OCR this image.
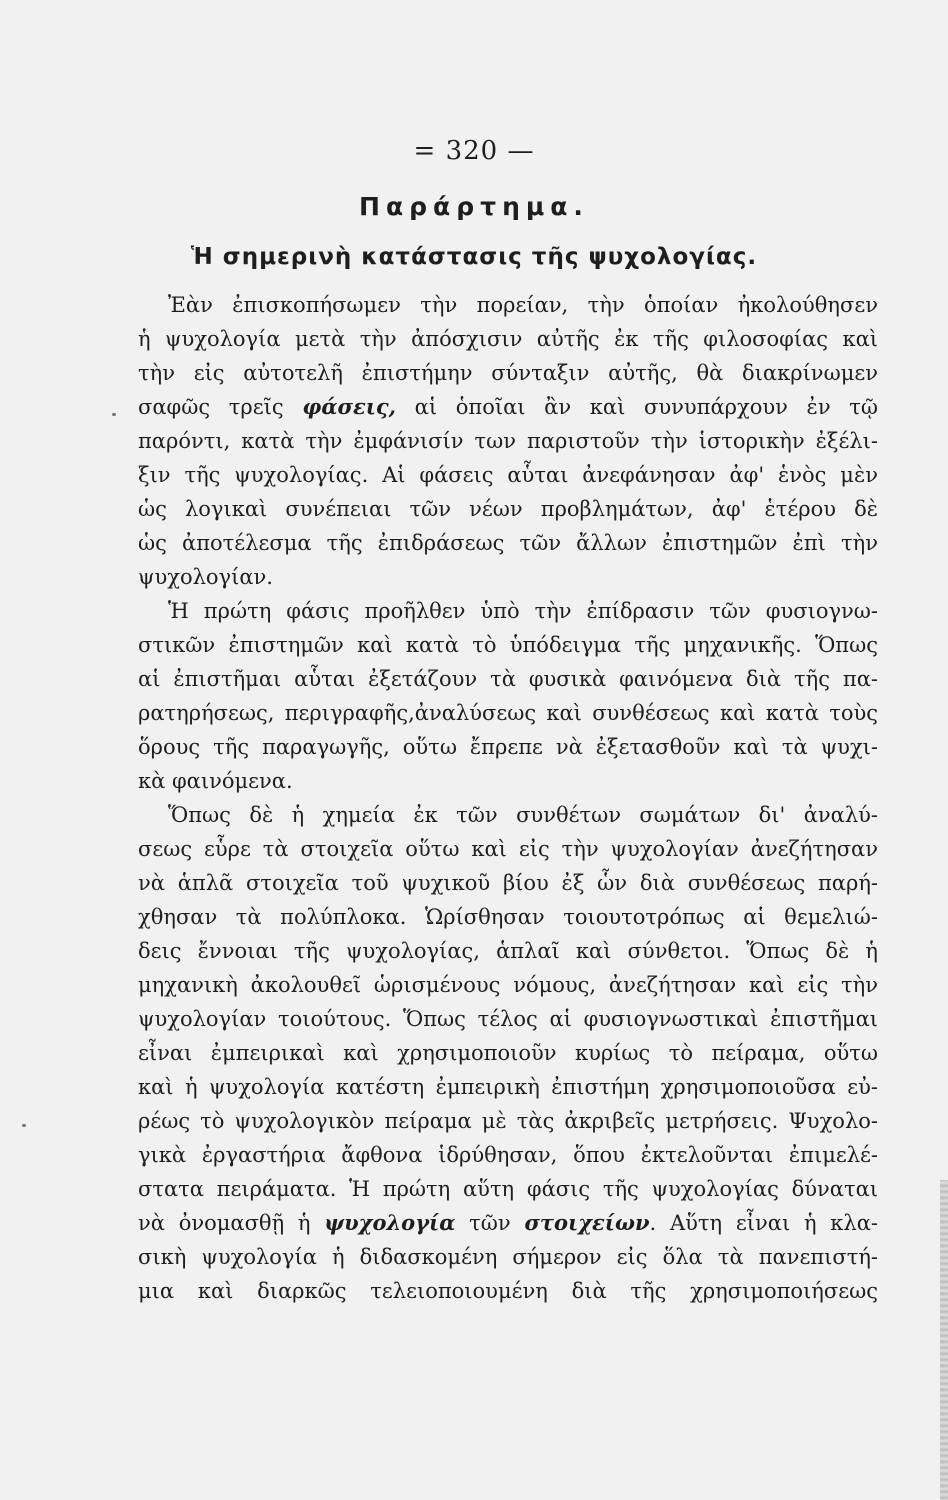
= 320 —
Παράρτημα.
Ἡ σημερινὴ κατάστασις τῆς ψυχολογίας.
Ἐὰν ἐπισκοπήσωμεν τὴν πορείαν, τὴν ὁποίαν ἠκολούθησεν
ἡ ψυχολογία μετὰ τὴν ἀπόσχισιν αὐτῆς ἐκ τῆς φιλοσοφίας καὶ
τὴν εἰς αὐτοτελῆ ἐπιστήμην σύνταξιν αὐτῆς, θὰ διακρίνωμεν
σαφῶς τρεῖς φάσεις, αἱ ὁποῖαι ἂν καὶ συνυπάρχουν ἐν τῷ
παρόντι, κατὰ τὴν ἐμφάνισίν των παριστοῦν τὴν ἱστορικὴν ἐξέλι-
ξιν τῆς ψυχολογίας. Αἱ φάσεις αὗται ἀνεφάνησαν ἀφ' ἑνὸς μὲν
ὡς λογικαὶ συνέπειαι τῶν νέων προβλημάτων, ἀφ' ἑτέρου δὲ
ὡς ἀποτέλεσμα τῆς ἐπιδράσεως τῶν ἄλλων ἐπιστημῶν ἐπὶ τὴν
ψυχολογίαν.
Ἡ πρώτη φάσις προῆλθεν ὑπὸ τὴν ἐπίδρασιν τῶν φυσιογνω-
στικῶν ἐπιστημῶν καὶ κατὰ τὸ ὑπόδειγμα τῆς μηχανικῆς. Ὅπως
αἱ ἐπιστῆμαι αὗται ἐξετάζουν τὰ φυσικὰ φαινόμενα διὰ τῆς πα-
ρατηρήσεως, περιγραφῆς,ἀναλύσεως καὶ συνθέσεως καὶ κατὰ τοὺς
ὅρους τῆς παραγωγῆς, οὕτω ἔπρεπε νὰ ἐξετασθοῦν καὶ τὰ ψυχι-
κὰ φαινόμενα.
Ὅπως δὲ ἡ χημεία ἐκ τῶν συνθέτων σωμάτων δι' ἀναλύ-
σεως εὗρε τὰ στοιχεῖα οὕτω καὶ εἰς τὴν ψυχολογίαν ἀνεζήτησαν
νὰ ἁπλᾶ στοιχεῖα τοῦ ψυχικοῦ βίου ἐξ ὧν διὰ συνθέσεως παρή-
χθησαν τὰ πολύπλοκα. Ὡρίσθησαν τοιουτοτρόπως αἱ θεμελιώ-
δεις ἔννοιαι τῆς ψυχολογίας, ἁπλαῖ καὶ σύνθετοι. Ὅπως δὲ ἡ
μηχανικὴ ἀκολουθεῖ ὡρισμένους νόμους, ἀνεζήτησαν καὶ εἰς τὴν
ψυχολογίαν τοιούτους. Ὅπως τέλος αἱ φυσιογνωστικαὶ ἐπιστῆμαι
εἶναι ἐμπειρικαὶ καὶ χρησιμοποιοῦν κυρίως τὸ πείραμα, οὕτω
καὶ ἡ ψυχολογία κατέστη ἐμπειρικὴ ἐπιστήμη χρησιμοποιοῦσα εὐ-
ρέως τὸ ψυχολογικὸν πείραμα μὲ τὰς ἀκριβεῖς μετρήσεις. Ψυχολο-
γικὰ ἐργαστήρια ἄφθονα ἱδρύθησαν, ὅπου ἐκτελοῦνται ἐπιμελέ-
στατα πειράματα. Ἡ πρώτη αὕτη φάσις τῆς ψυχολογίας δύναται
νὰ ὀνομασθῇ ἡ ψυχολογία τῶν στοιχείων. Αὕτη εἶναι ἡ κλα-
σικὴ ψυχολογία ἡ διδασκομένη σήμερον εἰς ὅλα τὰ πανεπιστή-
μια καὶ διαρκῶς τελειοποιουμένη διὰ τῆς χρησιμοποιήσεως
